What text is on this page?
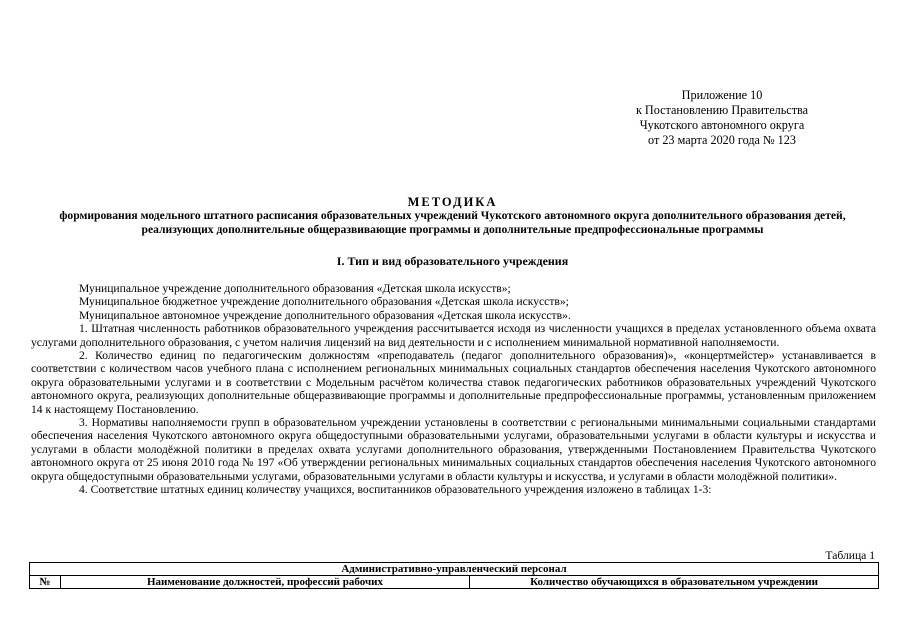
Приложение 10
к Постановлению Правительства
Чукотского автономного округа
от 23 марта 2020 года № 123
МЕТОДИКА
формирования модельного штатного расписания образовательных учреждений Чукотского автономного округа дополнительного образования детей, реализующих дополнительные общеразвивающие программы и дополнительные предпрофессиональные программы
I. Тип и вид образовательного учреждения

Муниципальное учреждение дополнительного образования «Детская школа искусств»;

Муниципальное бюджетное учреждение дополнительного образования «Детская школа искусств»;

Муниципальное автономное учреждение дополнительного образования «Детская школа искусств».

1. Штатная численность работников образовательного учреждения рассчитывается исходя из численности учащихся в пределах установленного объема охвата услугами дополнительного образования, с учетом наличия лицензий на вид деятельности и с исполнением минимальной нормативной наполняемости.

2. Количество единиц по педагогическим должностям «преподаватель (педагог дополнительного образования)», «концертмейстер» устанавливается в соответствии с количеством часов учебного плана с исполнением региональных минимальных социальных стандартов обеспечения населения Чукотского автономного округа образовательными услугами и в соответствии с Модельным расчётом количества ставок педагогических работников образовательных учреждений Чукотского автономного округа, реализующих дополнительные общеразвивающие программы и дополнительные предпрофессиональные программы, установленным приложением 14 к настоящему Постановлению.

3. Нормативы наполняемости групп в образовательном учреждении установлены в соответствии с региональными минимальными социальными стандартами обеспечения населения Чукотского автономного округа общедоступными образовательными услугами, образовательными услугами в области культуры и искусства и услугами в области молодёжной политики в пределах охвата услугами дополнительного образования, утвержденными Постановлением Правительства Чукотского автономного округа от 25 июня 2010 года № 197 «Об утверждении региональных минимальных социальных стандартов обеспечения населения Чукотского автономного округа общедоступными образовательными услугами, образовательными услугами в области культуры и искусства, и услугами в области молодёжной политики».

4. Соответствие штатных единиц количеству учащихся, воспитанников образовательного учреждения изложено в таблицах 1-3:

Таблица 1
Административно-управленческий персонал
№	Наименование должностей, профессий рабочих	Количество обучающихся в образовательном учреждении
